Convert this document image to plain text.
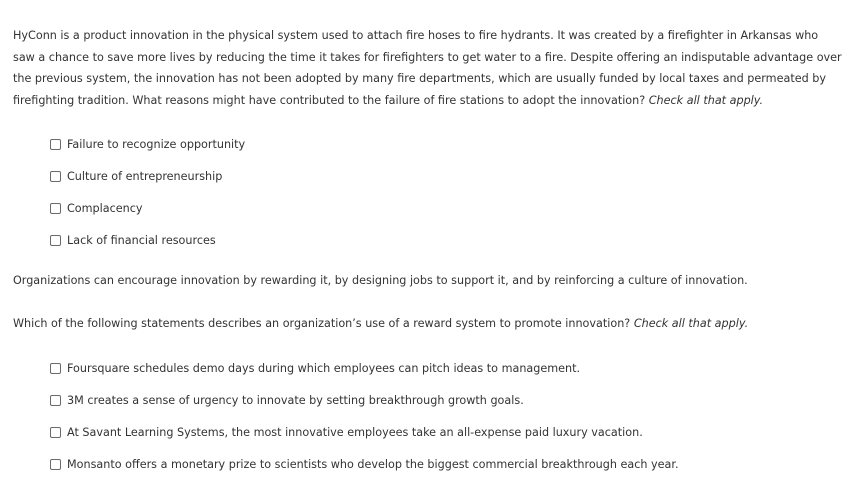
HyConn is a product innovation in the physical system used to attach fire hoses to fire hydrants. It was created by a firefighter in Arkansas who saw a chance to save more lives by reducing the time it takes for firefighters to get water to a fire. Despite offering an indisputable advantage over the previous system, the innovation has not been adopted by many fire departments, which are usually funded by local taxes and permeated by firefighting tradition. What reasons might have contributed to the failure of fire stations to adopt the innovation? Check all that apply.

Failure to recognize opportunity
Culture of entrepreneurship
Complacency
Lack of financial resources

Organizations can encourage innovation by rewarding it, by designing jobs to support it, and by reinforcing a culture of innovation.

Which of the following statements describes an organization’s use of a reward system to promote innovation? Check all that apply.

Foursquare schedules demo days during which employees can pitch ideas to management.
3M creates a sense of urgency to innovate by setting breakthrough growth goals.
At Savant Learning Systems, the most innovative employees take an all-expense paid luxury vacation.
Monsanto offers a monetary prize to scientists who develop the biggest commercial breakthrough each year.
